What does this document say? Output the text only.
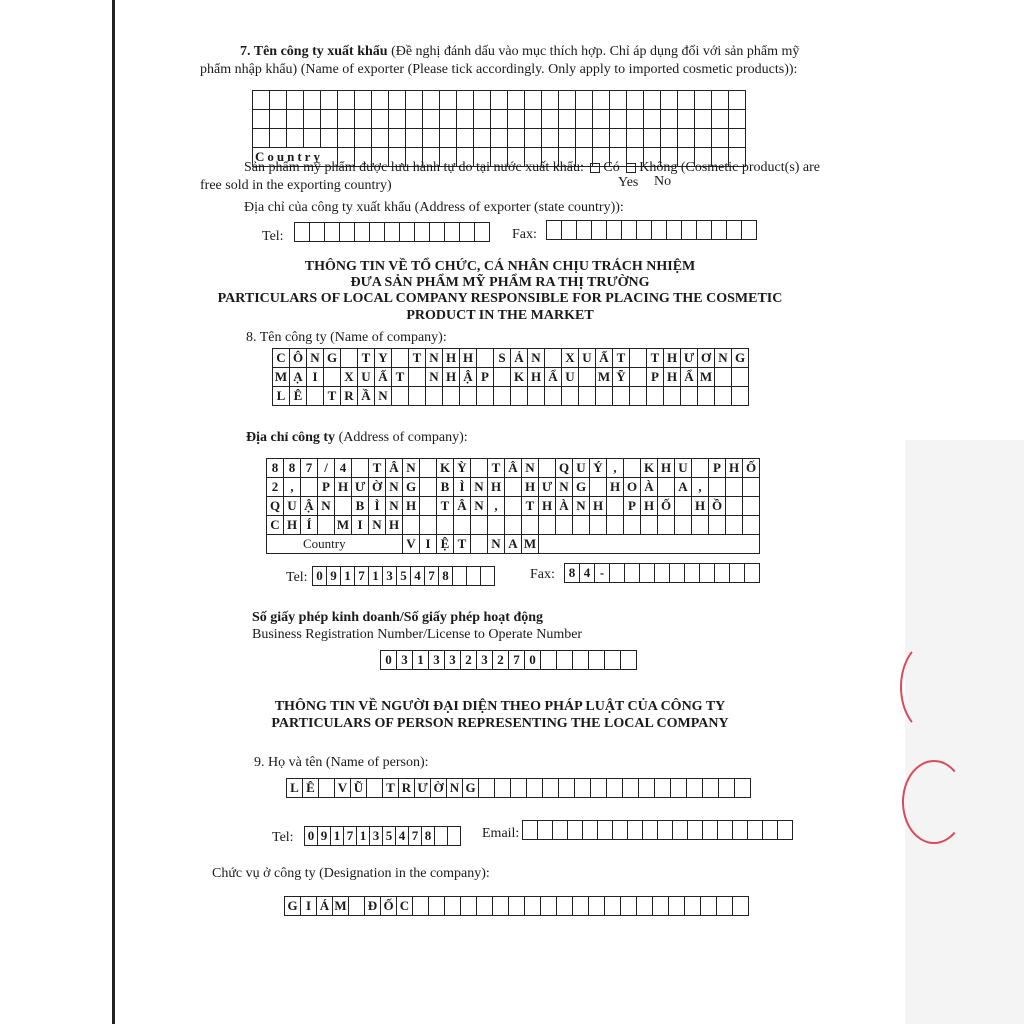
7. Tên công ty xuất khẩu (Đề nghị đánh dấu vào mục thích hợp. Chỉ áp dụng đối với sản phẩm mỹ
phẩm nhập khẩu) (Name of exporter (Please tick accordingly. Only apply to imported cosmetic products)):

Country																												
Sản phẩm mỹ phẩm được lưu hành tự do tại nước xuất khẩu: Có Không (Cosmetic product(s) are
free sold in the exporting country)	Yes No
Địa chỉ của công ty xuất khẩu (Address of exporter (state country)):
Tel:	Fax:
THÔNG TIN VỀ TỔ CHỨC, CÁ NHÂN CHỊU TRÁCH NHIỆM
ĐƯA SẢN PHẨM MỸ PHẨM RA THỊ TRƯỜNG
PARTICULARS OF LOCAL COMPANY RESPONSIBLE FOR PLACING THE COSMETIC
PRODUCT IN THE MARKET
8. Tên công ty (Name of company):
C	Ô	N	G		T	Y		T	N	H	H		S	Ả	N		X	U	Ấ	T		T	H	Ư	Ơ	N	G
M	Ạ	I		X	U	Ấ	T		N	H	Ậ	P		K	H	Ẩ	U		M	Ỹ		P	H	Ẩ	M		
L	Ê		T	R	Ầ	N																					
Địa chỉ công ty (Address of company):
8	8	7	/	4		T	Â	N		K	Ỳ		T	Â	N		Q	U	Ý	,		K	H	U		P	H	Ố
2	,		P	H	Ư	Ờ	N	G		B	Ì	N	H		H	Ư	N	G		H	O	À		A	,			
Q	U	Ậ	N		B	Ì	N	H		T	Â	N	,		T	H	À	N	H		P	H	Ố		H	Ồ		
C	H	Í		M	I	N	H																					
Country								V	I	Ệ	T		N	A	M													
Tel: 0 9 1 7 1 3 5 4 7 8	Fax:	8 4 -
Số giấy phép kinh doanh/Số giấy phép hoạt động
Business Registration Number/License to Operate Number
0 3 1 3 3 2 3 2 7 0
THÔNG TIN VỀ NGƯỜI ĐẠI DIỆN THEO PHÁP LUẬT CỦA CÔNG TY
PARTICULARS OF PERSON REPRESENTING THE LOCAL COMPANY
9. Họ và tên (Name of person):
L Ê V Ũ	T R Ư Ờ N G
Tel: 0 9 1 7 1 3 5 4 7 8	Email:
Chức vụ ở công ty (Designation in the company):
G I Á M Đ Ố C
